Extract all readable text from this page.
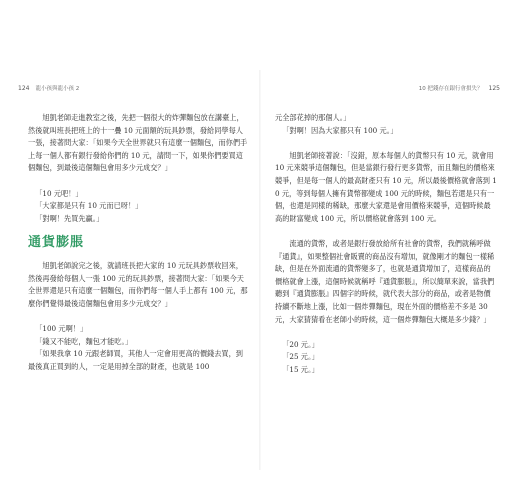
124 龍小孩與龍小孩 2	10 把錢存在銀行會損失？ 125

旭凱老師走進教室之後，先把一個很大的炸彈麵包放在講臺上，然後就叫班長把班上的十一疊 10 元面額的玩具鈔票，發給同學每人一張，接著問大家：「如果今天全世界就只有這麼一個麵包，而你們手上每一個人都有銀行發給你們的 10 元，請問一下，如果你們要買這個麵包，到最後這個麵包會用多少元成交？」

「10 元吧！」

「大家都是只有 10 元而已呀！」

「對啊！先買先贏。」

通貨膨脹

旭凱老師說完之後，就請班長把大家的 10 元玩具鈔票收回來，然後再發給每個人一張 100 元的玩具鈔票，接著問大家：「如果今天全世界還是只有這麼一個麵包，而你們每一個人手上都有 100 元，那麼你們覺得最後這個麵包會用多少元成交？」

「100 元啊！」

「錢又不能吃，麵包才能吃。」

「如果我拿 10 元跟老師買，其他人一定會用更高的價錢去買，到最後真正買到的人，一定是用掉全部的財產，也就是 100

元全部花掉的那個人。」

「對啊！因為大家都只有 100 元。」

旭凱老師接著說：「沒錯，原本每個人的貨幣只有 10 元，就會用 10 元來競爭這個麵包，但是當銀行發行更多貨幣，而且麵包的價格來競爭，但是每一個人的最高財產只有 10 元，所以最後價格就會落到 10 元，等到每個人擁有貨幣都變成 100 元的時候，麵包若還是只有一個，也還是同樣的稀缺，那麼大家還是會用價格來競爭，這個時候最高的財富變成 100 元，所以價格就會落到 100 元。

流通的貨幣，或者是銀行發放給所有社會的貨幣，我們就稱呼做『通貨』，如果整個社會販賣的商品沒有增加，就像剛才的麵包一樣稀缺，但是在外面流通的貨幣變多了，也就是通貨增加了，這樣商品的價格就會上漲，這個時候就稱呼『通貨膨脹』，所以簡單來說，當我們聽到『通貨膨脹』四個字的時候，就代表大部分的商品，或者是物價持續不斷地上漲，比如一個炸彈麵包，現在外面的價格差不多是 30 元，大家猜猜看在老師小的時候，這一個炸彈麵包大概是多少錢？」

「20 元。」

「25 元。」

「15 元。」
